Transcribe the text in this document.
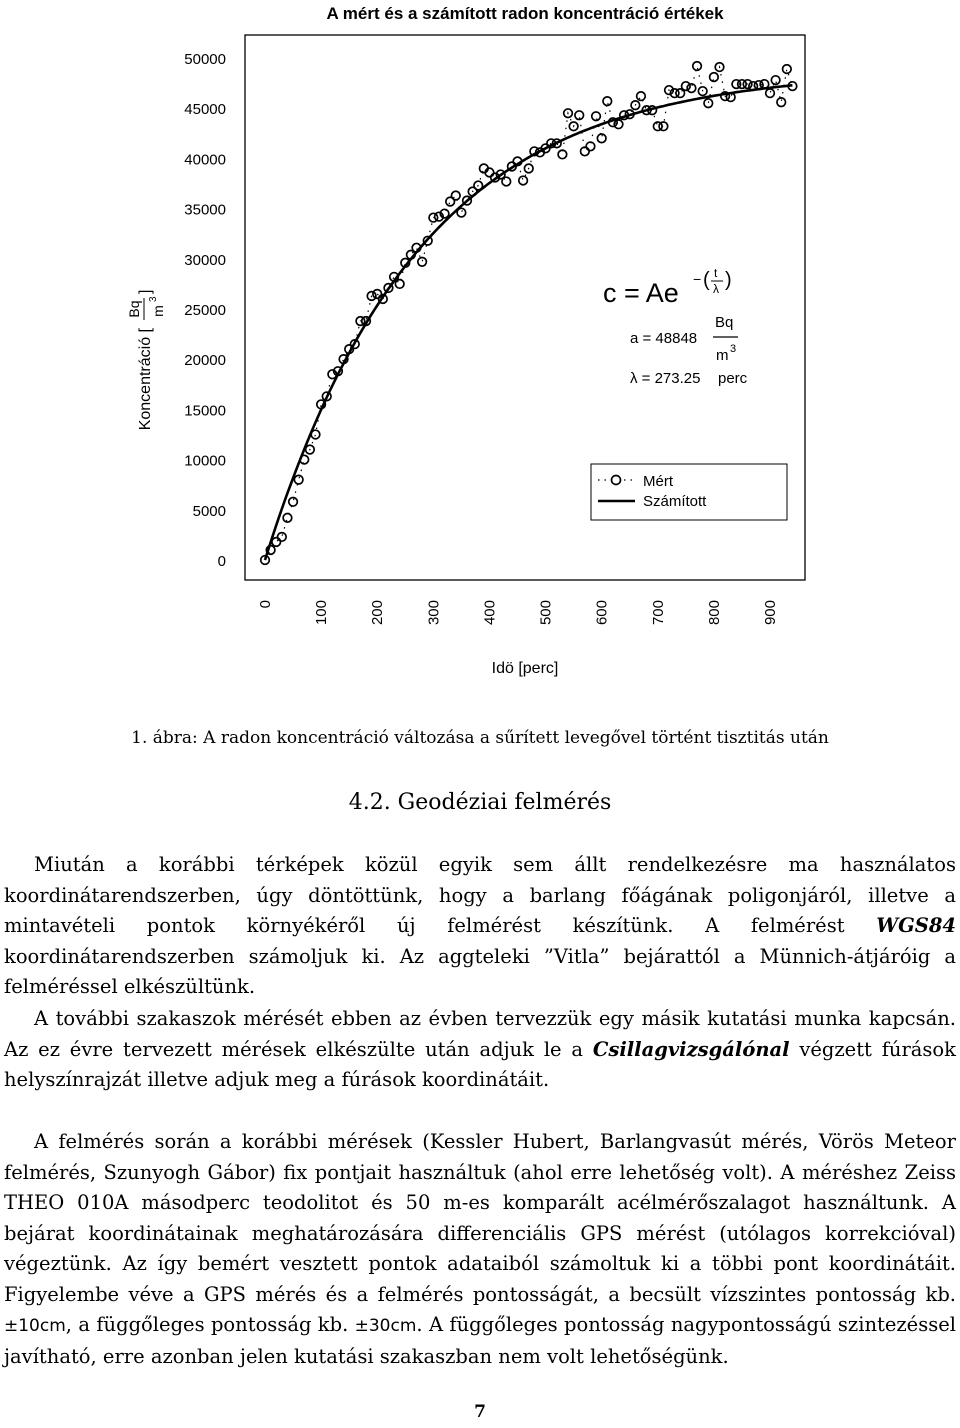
A mért és a számított radon koncentráció értékek
0
5000
10000
15000
20000
25000
30000
35000
40000
45000
50000
0	100	200	300	400	500	600	700	800	900
Idö [perc]
Koncentráció [
Bq m
3
]	c = Ae − ( t
λ )
a = 48848
Bq
m 3
λ = 273.25 perc
Mért
Számított
1. ábra: A radon koncentráció változása a sűrített levegővel történt tisztitás után
4.2. Geodéziai felmérés

Miután a korábbi térképek közül egyik sem állt rendelkezésre ma használatos koordinátarendszerben, úgy döntöttünk, hogy a barlang főágának poligonjáról, illetve a mintavételi pontok környékéről új felmérést készítünk. A felmérést WGS84 koordinátarendszerben számoljuk ki. Az aggteleki ”Vitla” bejárattól a Münnich-átjáróig a felméréssel elkészültünk.

A további szakaszok mérését ebben az évben tervezzük egy másik kutatási munka kapcsán. Az ez évre tervezett mérések elkészülte után adjuk le a Csillagvizsgálónal végzett fúrások helyszínrajzát illetve adjuk meg a fúrások koordinátáit.

A felmérés során a korábbi mérések (Kessler Hubert, Barlangvasút mérés, Vörös Meteor felmérés, Szunyogh Gábor) fix pontjait használtuk (ahol erre lehetőség volt). A méréshez Zeiss THEO 010A másodperc teodolitot és 50 m-es komparált acélmérőszalagot használtunk. A bejárat koordinátainak meghatározására differenciális GPS mérést (utólagos korrekcióval) végeztünk. Az így bemért vesztett pontok adataiból számoltuk ki a többi pont koordinátáit. Figyelembe véve a GPS mérés és a felmérés pontosságát, a becsült vízszintes pontosság kb. ±10cm, a függőleges pontosság kb. ±30cm. A függőleges pontosság nagypontosságú szintezéssel javítható, erre azonban jelen kutatási szakaszban nem volt lehetőségünk.

7
